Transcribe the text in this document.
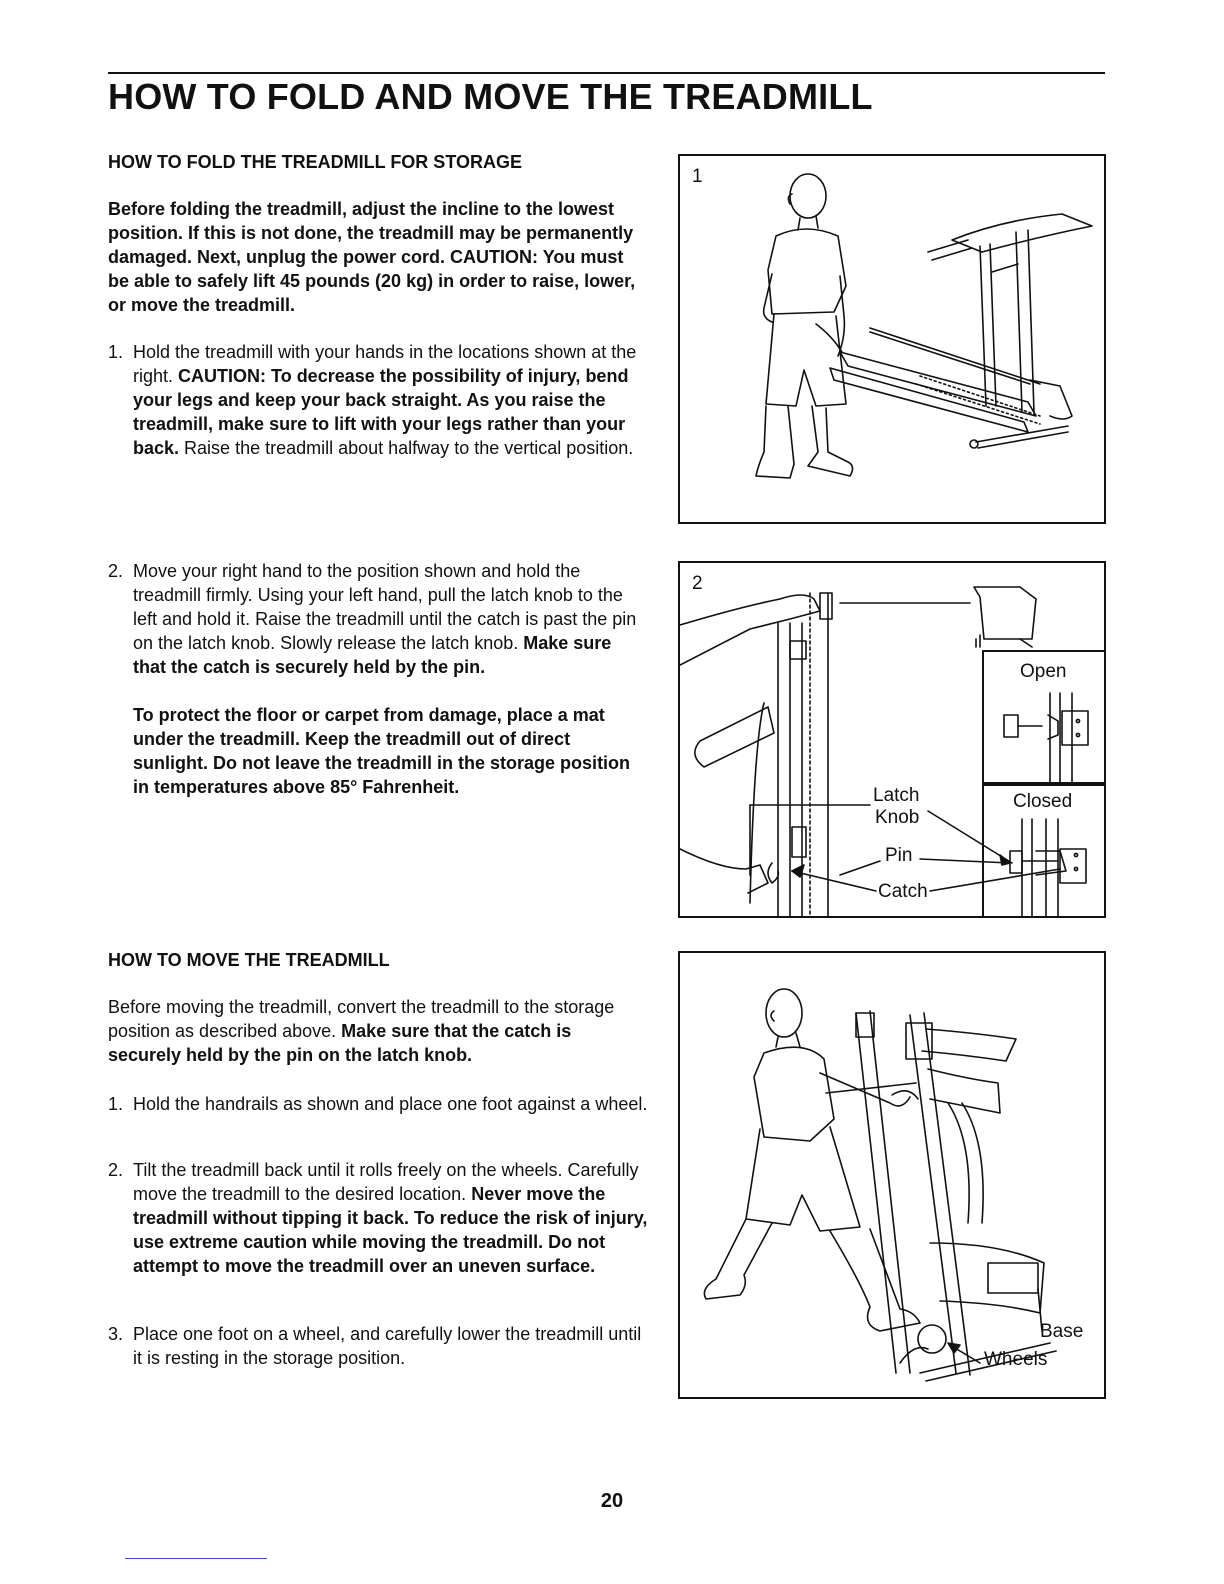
HOW TO FOLD AND MOVE THE TREADMILL

HOW TO FOLD THE TREADMILL FOR STORAGE

Before folding the treadmill, adjust the incline to the lowest position. If this is not done, the treadmill may be permanently damaged. Next, unplug the power cord. CAUTION: You must be able to safely lift 45 pounds (20 kg) in order to raise, lower, or move the treadmill.

1. Hold the treadmill with your hands in the locations shown at the right. CAUTION: To decrease the possibility of injury, bend your legs and keep your back straight. As you raise the treadmill, make sure to lift with your legs rather than your back. Raise the treadmill about halfway to the vertical position.

2. Move your right hand to the position shown and hold the treadmill firmly. Using your left hand, pull the latch knob to the left and hold it. Raise the treadmill until the catch is past the pin on the latch knob. Slowly release the latch knob. Make sure that the catch is securely held by the pin.

To protect the floor or carpet from damage, place a mat under the treadmill. Keep the treadmill out of direct sunlight. Do not leave the treadmill in the storage position in temperatures above 85° Fahrenheit.

HOW TO MOVE THE TREADMILL

Before moving the treadmill, convert the treadmill to the storage position as described above. Make sure that the catch is securely held by the pin on the latch knob.

1. Hold the handrails as shown and place one foot against a wheel.

2. Tilt the treadmill back until it rolls freely on the wheels. Carefully move the treadmill to the desired location. Never move the treadmill without tipping it back. To reduce the risk of injury, use extreme caution while moving the treadmill. Do not attempt to move the treadmill over an uneven surface.

3. Place one foot on a wheel, and carefully lower the treadmill until it is resting in the storage position.

1
2
Latch
Knob
Pin
Catch
Open
Closed
Base
Wheels
20
